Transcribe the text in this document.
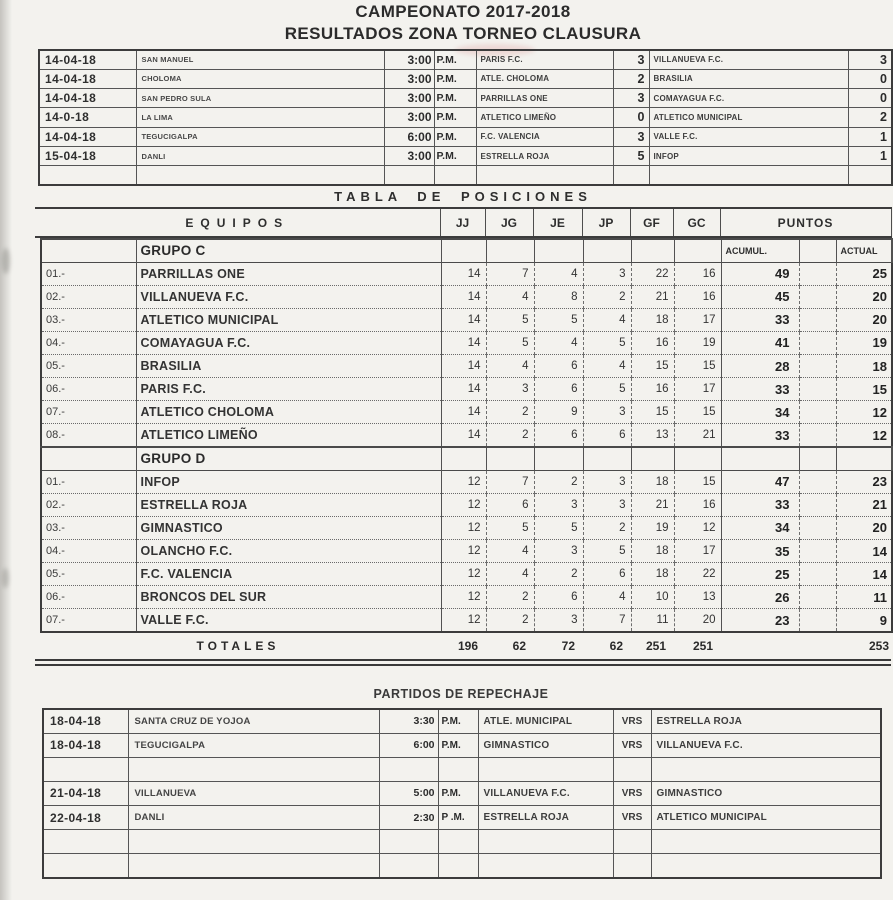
CAMPEONATO 2017-2018
RESULTADOS ZONA TORNEO CLAUSURA
14-04-18	SAN MANUEL	3:00	P.M.	PARIS F.C.	3	VILLANUEVA F.C.	3
14-04-18	CHOLOMA	3:00	P.M.	ATLE. CHOLOMA	2	BRASILIA	0
14-04-18	SAN PEDRO SULA	3:00	P.M.	PARRILLAS ONE	3	COMAYAGUA F.C.	0
14-0-18	LA LIMA	3:00	P.M.	ATLETICO LIMEÑO	0	ATLETICO MUNICIPAL	2
14-04-18	TEGUCIGALPA	6:00	P.M.	F.C. VALENCIA	3	VALLE F.C.	1
15-04-18	DANLI	3:00	P.M.	ESTRELLA ROJA	5	INFOP	1

TABLA DE POSICIONES
EQUIPOS	JJ	JG	JE	JP	GF	GC	PUNTOS
	GRUPO C							ACUMUL.		ACTUAL
01.-	PARRILLAS ONE	14	7	4	3	22	16	49		25
02.-	VILLANUEVA F.C.	14	4	8	2	21	16	45		20
03.-	ATLETICO MUNICIPAL	14	5	5	4	18	17	33		20
04.-	COMAYAGUA F.C.	14	5	4	5	16	19	41		19
05.-	BRASILIA	14	4	6	4	15	15	28		18
06.-	PARIS F.C.	14	3	6	5	16	17	33		15
07.-	ATLETICO CHOLOMA	14	2	9	3	15	15	34		12
08.-	ATLETICO LIMEÑO	14	2	6	6	13	21	33		12
	GRUPO D									
01.-	INFOP	12	7	2	3	18	15	47		23
02.-	ESTRELLA ROJA	12	6	3	3	21	16	33		21
03.-	GIMNASTICO	12	5	5	2	19	12	34		20
04.-	OLANCHO F.C.	12	4	3	5	18	17	35		14
05.-	F.C. VALENCIA	12	4	2	6	18	22	25		14
06.-	BRONCOS DEL SUR	12	2	6	4	10	13	26		11
07.-	VALLE F.C.	12	2	3	7	11	20	23		9
TOTALES	196	62	72	62	251	251			253
PARTIDOS DE REPECHAJE
18-04-18	SANTA CRUZ DE YOJOA	3:30	P.M.	ATLE. MUNICIPAL	VRS	ESTRELLA ROJA
18-04-18	TEGUCIGALPA	6:00	P.M.	GIMNASTICO	VRS	VILLANUEVA F.C.

21-04-18	VILLANUEVA	5:00	P.M.	VILLANUEVA F.C.	VRS	GIMNASTICO
22-04-18	DANLI	2:30	P .M.	ESTRELLA ROJA	VRS	ATLETICO MUNICIPAL
